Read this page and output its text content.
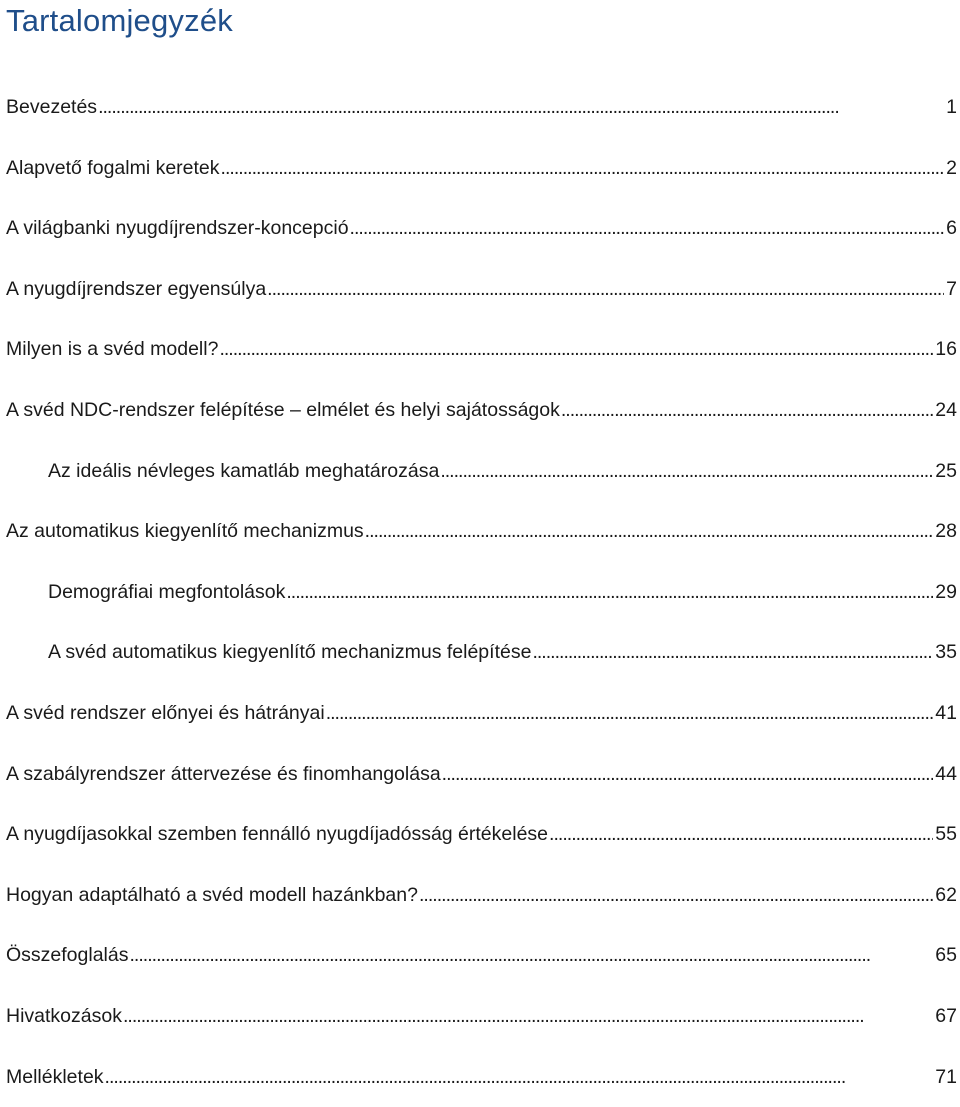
Tartalomjegyzék
Bevezetés . . .	1
Alapvető fogalmi keretek . . .	2
A világbanki nyugdíjrendszer-koncepció . . .	6
A nyugdíjrendszer egyensúlya . . .	7
Milyen is a svéd modell? . . .	16
A svéd NDC-rendszer felépítése – elmélet és helyi sajátosságok . . .	24
Az ideális névleges kamatláb meghatározása . . .	25
Az automatikus kiegyenlítő mechanizmus . . .	28
Demográfiai megfontolások . . .	29
A svéd automatikus kiegyenlítő mechanizmus felépítése . . .	35
A svéd rendszer előnyei és hátrányai . . .	41
A szabályrendszer áttervezése és finomhangolása . . .	44
A nyugdíjasokkal szemben fennálló nyugdíjadósság értékelése . . .	55
Hogyan adaptálható a svéd modell hazánkban? . . .	62
Összefoglalás . . .	65
Hivatkozások . . .	67
Mellékletek . . .	71
